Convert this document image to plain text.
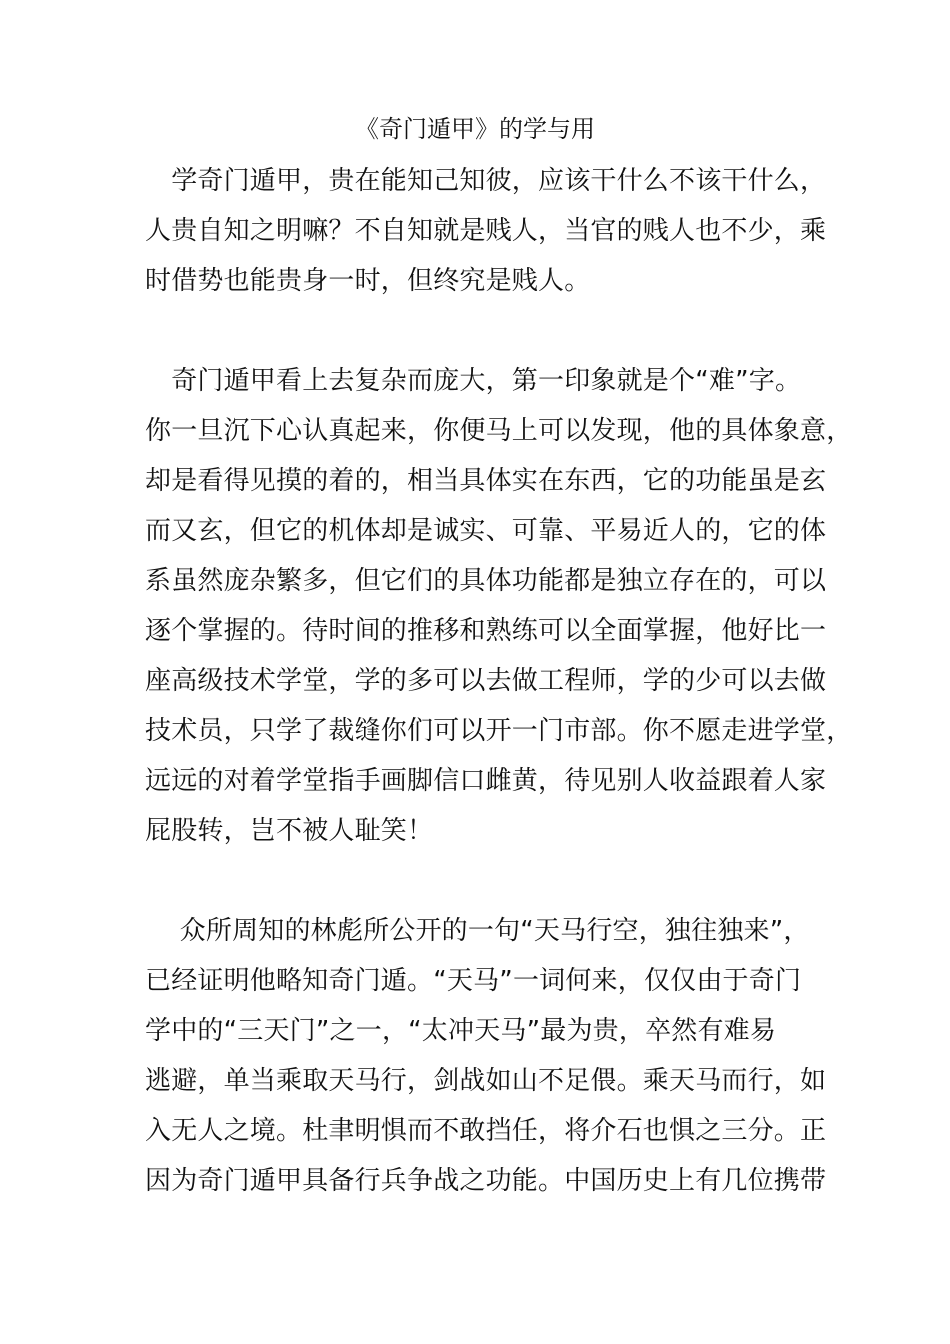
《奇门遁甲》的学与用
　学奇门遁甲，贵在能知己知彼，应该干什么不该干什么，
人贵自知之明嘛？不自知就是贱人，当官的贱人也不少，乘
时借势也能贵身一时，但终究是贱人。
　奇门遁甲看上去复杂而庞大，第一印象就是个“难”字。
你一旦沉下心认真起来，你便马上可以发现，他的具体象意，
却是看得见摸的着的，相当具体实在东西，它的功能虽是玄
而又玄，但它的机体却是诚实、可靠、平易近人的，它的体
系虽然庞杂繁多，但它们的具体功能都是独立存在的，可以
逐个掌握的。待时间的推移和熟练可以全面掌握，他好比一
座高级技术学堂，学的多可以去做工程师，学的少可以去做
技术员，只学了裁缝你们可以开一门市部。你不愿走进学堂，
远远的对着学堂指手画脚信口雌黄，待见别人收益跟着人家
屁股转，岂不被人耻笑！
　 众所周知的林彪所公开的一句“天马行空，独往独来”，
已经证明他略知奇门遁。“天马”一词何来，仅仅由于奇门
学中的“三天门”之一，“太冲天马”最为贵，卒然有难易
逃避，单当乘取天马行，剑战如山不足偎。乘天马而行，如
入无人之境。杜聿明惧而不敢挡任，将介石也惧之三分。正
因为奇门遁甲具备行兵争战之功能。中国历史上有几位携带
